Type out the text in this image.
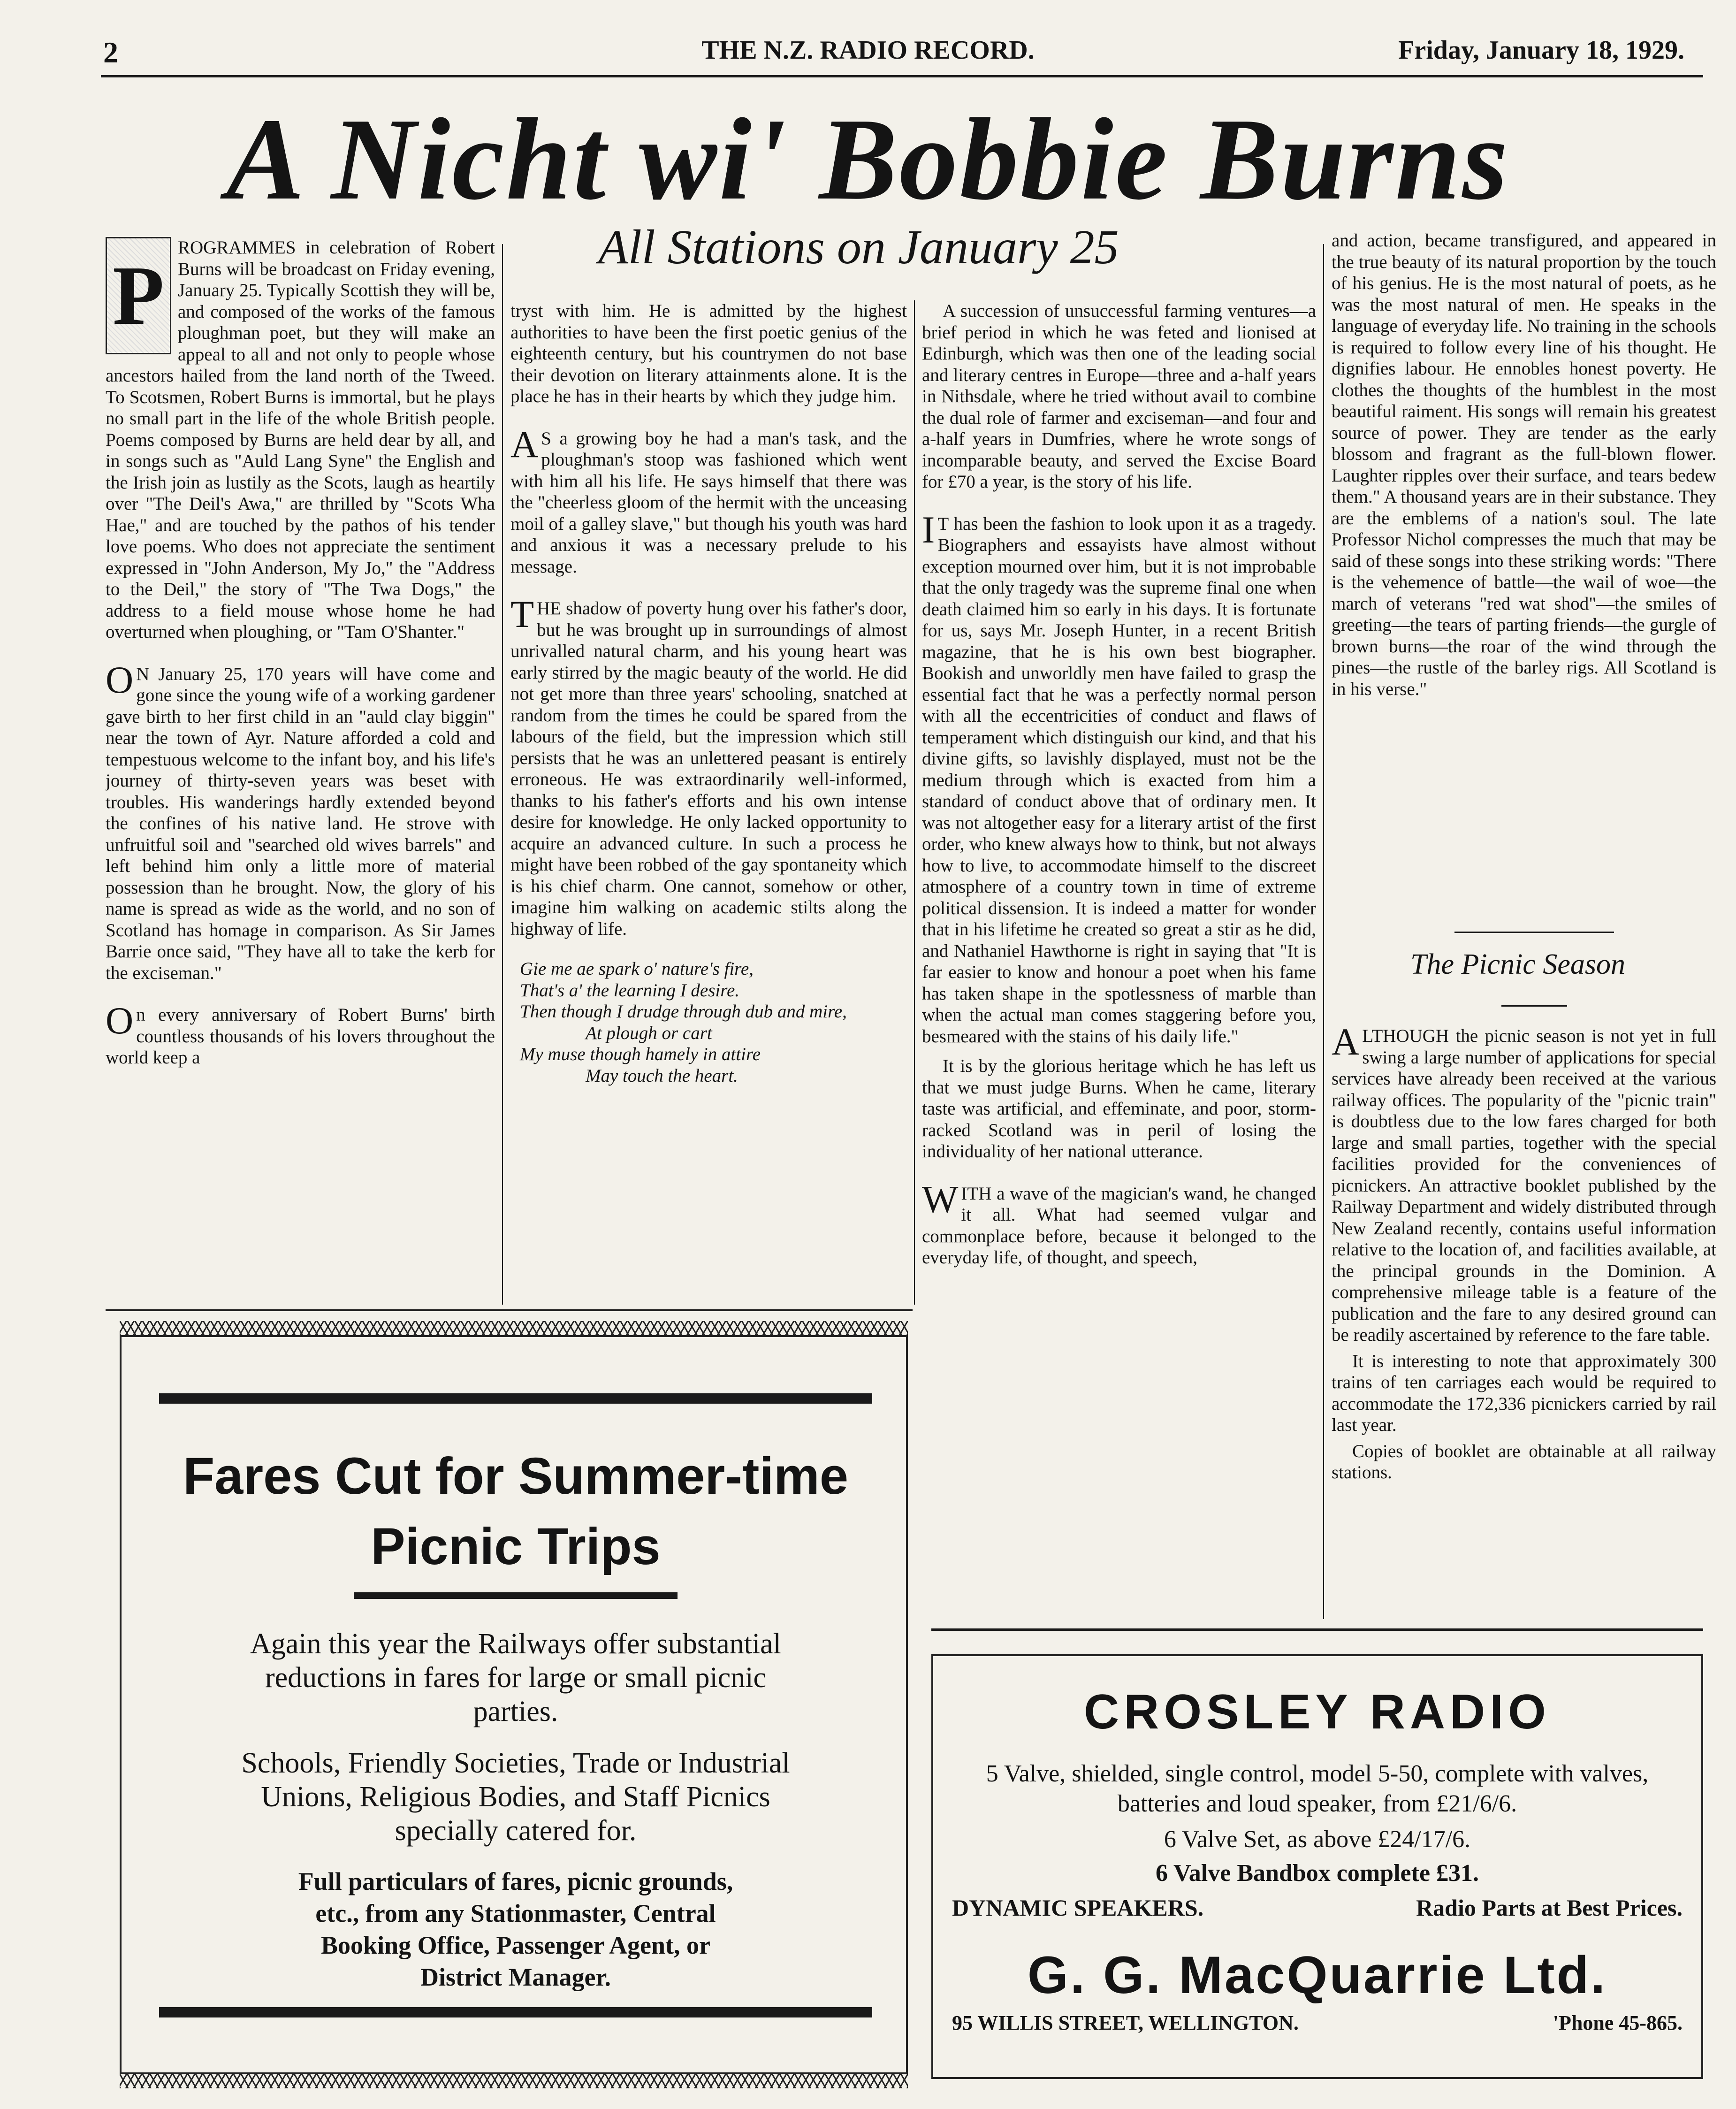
2	THE N.Z. RADIO RECORD.	Friday, January 18, 1929.
A Nicht wi' Bobbie Burns
All Stations on January 25
P

ROGRAMMES in celebration of Robert Burns will be broadcast on Friday evening, January 25. Typically Scottish they will be, and composed of the works of the famous ploughman poet, but they will make an appeal to all and not only to people whose ancestors hailed from the land north of the Tweed. To Scotsmen, Robert Burns is immortal, but he plays no small part in the life of the whole British people. Poems composed by Burns are held dear by all, and in songs such as "Auld Lang Syne" the English and the Irish join as lustily as the Scots, laugh as heartily over "The Deil's Awa," are thrilled by "Scots Wha Hae," and are touched by the pathos of his tender love poems. Who does not appreciate the sentiment expressed in "John Anderson, My Jo," the "Address to the Deil," the story of "The Twa Dogs," the address to a field mouse whose home he had overturned when ploughing, or "Tam O'Shanter."

ON January 25, 170 years will have come and gone since the young wife of a working gardener gave birth to her first child in an "auld clay biggin" near the town of Ayr. Nature afforded a cold and tempestuous welcome to the infant boy, and his life's journey of thirty-seven years was beset with troubles. His wanderings hardly extended beyond the confines of his native land. He strove with unfruitful soil and "searched old wives barrels" and left behind him only a little more of material possession than he brought. Now, the glory of his name is spread as wide as the world, and no son of Scotland has homage in comparison. As Sir James Barrie once said, "They have all to take the kerb for the exciseman."

On every anniversary of Robert Burns' birth countless thousands of his lovers throughout the world keep a

tryst with him. He is admitted by the highest authorities to have been the first poetic genius of the eighteenth century, but his countrymen do not base their devotion on literary attainments alone. It is the place he has in their hearts by which they judge him.

AS a growing boy he had a man's task, and the ploughman's stoop was fashioned which went with him all his life. He says himself that there was the "cheerless gloom of the hermit with the unceasing moil of a galley slave," but though his youth was hard and anxious it was a necessary prelude to his message.

THE shadow of poverty hung over his father's door, but he was brought up in surroundings of almost unrivalled natural charm, and his young heart was early stirred by the magic beauty of the world. He did not get more than three years' schooling, snatched at random from the times he could be spared from the labours of the field, but the impression which still persists that he was an unlettered peasant is entirely erroneous. He was extraordinarily well-informed, thanks to his father's efforts and his own intense desire for knowledge. He only lacked opportunity to acquire an advanced culture. In such a process he might have been robbed of the gay spontaneity which is his chief charm. One cannot, somehow or other, imagine him walking on academic stilts along the highway of life.

Gie me ae spark o' nature's fire,
That's a' the learning I desire.
Then though I drudge through dub and mire,
At plough or cart
My muse though hamely in attire
May touch the heart.

A succession of unsuccessful farming ventures—a brief period in which he was feted and lionised at Edinburgh, which was then one of the leading social and literary centres in Europe—three and a-half years in Nithsdale, where he tried without avail to combine the dual role of farmer and exciseman—and four and a-half years in Dumfries, where he wrote songs of incomparable beauty, and served the Excise Board for £70 a year, is the story of his life.

IT has been the fashion to look upon it as a tragedy. Biographers and essayists have almost without exception mourned over him, but it is not improbable that the only tragedy was the supreme final one when death claimed him so early in his days. It is fortunate for us, says Mr. Joseph Hunter, in a recent British magazine, that he is his own best biographer. Bookish and unworldly men have failed to grasp the essential fact that he was a perfectly normal person with all the eccentricities of conduct and flaws of temperament which distinguish our kind, and that his divine gifts, so lavishly displayed, must not be the medium through which is exacted from him a standard of conduct above that of ordinary men. It was not altogether easy for a literary artist of the first order, who knew always how to think, but not always how to live, to accommodate himself to the discreet atmosphere of a country town in time of extreme political dissension. It is indeed a matter for wonder that in his lifetime he created so great a stir as he did, and Nathaniel Hawthorne is right in saying that "It is far easier to know and honour a poet when his fame has taken shape in the spotlessness of marble than when the actual man comes staggering before you, besmeared with the stains of his daily life."

It is by the glorious heritage which he has left us that we must judge Burns. When he came, literary taste was artificial, and effeminate, and poor, storm-racked Scotland was in peril of losing the individuality of her national utterance.

WITH a wave of the magician's wand, he changed it all. What had seemed vulgar and commonplace before, because it belonged to the everyday life, of thought, and speech,

and action, became transfigured, and appeared in the true beauty of its natural proportion by the touch of his genius. He is the most natural of poets, as he was the most natural of men. He speaks in the language of everyday life. No training in the schools is required to follow every line of his thought. He dignifies labour. He ennobles honest poverty. He clothes the thoughts of the humblest in the most beautiful raiment. His songs will remain his greatest source of power. They are tender as the early blossom and fragrant as the full-blown flower. Laughter ripples over their surface, and tears bedew them." A thousand years are in their substance. They are the emblems of a nation's soul. The late Professor Nichol compresses the much that may be said of these songs into these striking words: "There is the vehemence of battle—the wail of woe—the march of veterans "red wat shod"—the smiles of greeting—the tears of parting friends—the gurgle of brown burns—the roar of the wind through the pines—the rustle of the barley rigs. All Scotland is in his verse."

The Picnic Season

ALTHOUGH the picnic season is not yet in full swing a large number of applications for special services have already been received at the various railway offices. The popularity of the "picnic train" is doubtless due to the low fares charged for both large and small parties, together with the special facilities provided for the conveniences of picnickers. An attractive booklet published by the Railway Department and widely distributed through New Zealand recently, contains useful information relative to the location of, and facilities available, at the principal grounds in the Dominion. A comprehensive mileage table is a feature of the publication and the fare to any desired ground can be readily ascertained by reference to the fare table.

It is interesting to note that approximately 300 trains of ten carriages each would be required to accommodate the 172,336 picnickers carried by rail last year.

Copies of booklet are obtainable at all railway stations.

Fares Cut for Summer-time Picnic Trips
Again this year the Railways offer substantial reductions in fares for large or small picnic parties.
Schools, Friendly Societies, Trade or Industrial Unions, Religious Bodies, and Staff Picnics specially catered for.
Full particulars of fares, picnic grounds, etc., from any Stationmaster, Central Booking Office, Passenger Agent, or District Manager.
CROSLEY RADIO
5 Valve, shielded, single control, model 5-50, complete with valves, batteries and loud speaker, from £21/6/6.
6 Valve Set, as above £24/17/6.
6 Valve Bandbox complete £31.
DYNAMIC SPEAKERS.	Radio Parts at Best Prices.
G. G. MacQuarrie Ltd.
95 WILLIS STREET, WELLINGTON.	'Phone 45-865.
